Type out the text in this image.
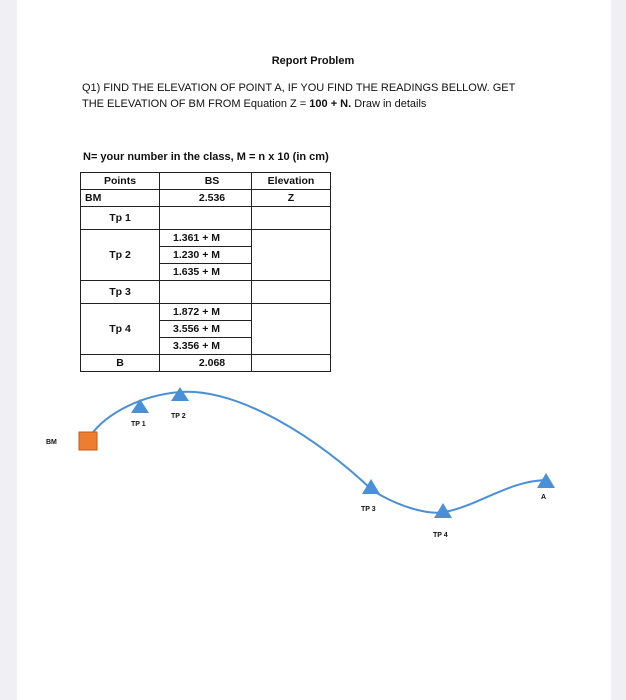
Report Problem
Q1) FIND THE ELEVATION OF POINT A, IF YOU FIND THE READINGS BELLOW. GET
THE ELEVATION OF BM FROM Equation Z = 100 + N. Draw in details
N= your number in the class, M = n x 10 (in cm)
Points	BS	Elevation
BM	2.536	Z
Tp 1		
Tp 2	1.361 + M	
	1.230 + M	
	1.635 + M	
Tp 3		
Tp 4	1.872 + M	
	3.556 + M	
	3.356 + M	
B	2.068	
BM
TP 1
TP 2
TP 3
TP 4
A
